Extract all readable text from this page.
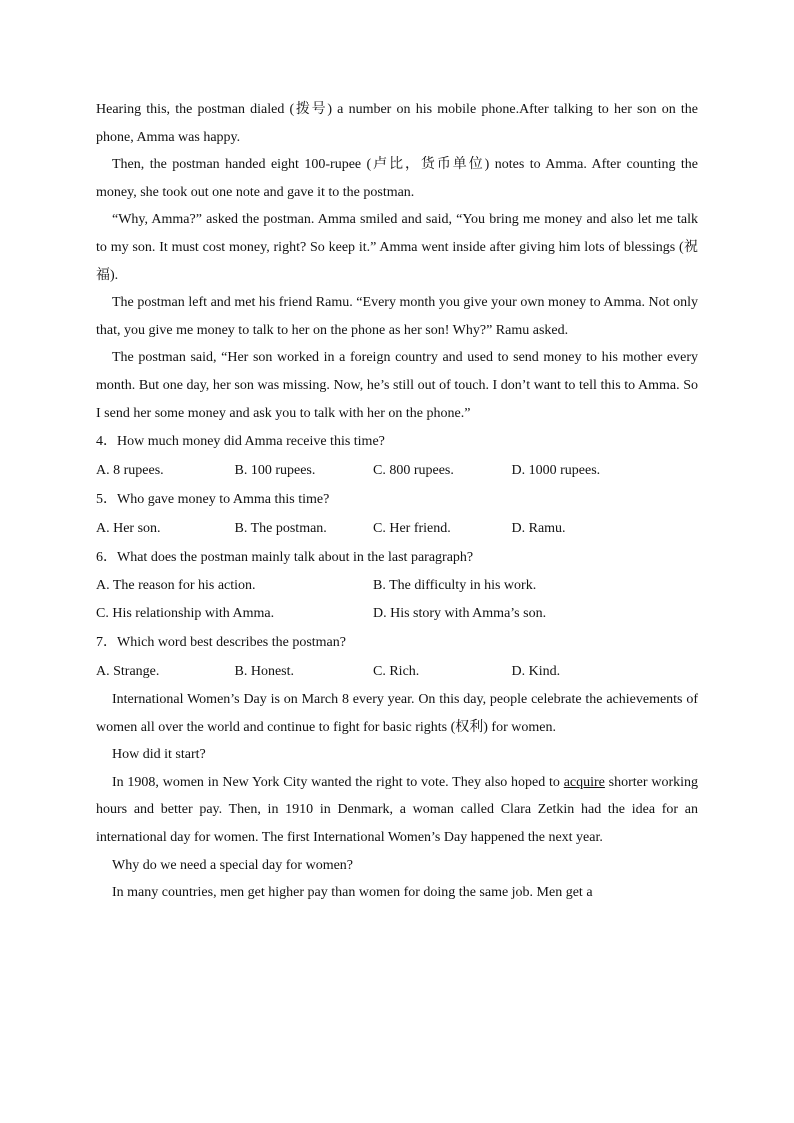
Hearing this, the postman dialed (拨号) a number on his mobile phone.After talking to her son on the phone, Amma was happy.

Then, the postman handed eight 100-rupee (卢比，货币单位) notes to Amma. After counting the money, she took out one note and gave it to the postman.

“Why, Amma?” asked the postman. Amma smiled and said, “You bring me money and also let me talk to my son. It must cost money, right? So keep it.” Amma went inside after giving him lots of blessings (祝福).

The postman left and met his friend Ramu. “Every month you give your own money to Amma. Not only that, you give me money to talk to her on the phone as her son! Why?” Ramu asked.

The postman said, “Her son worked in a foreign country and used to send money to his mother every month. But one day, her son was missing. Now, he’s still out of touch. I don’t want to tell this to Amma. So I send her some money and ask you to talk with her on the phone.”

4．How much money did Amma receive this time?

A. 8 rupees.	B. 100 rupees.	C. 800 rupees.	D. 1000 rupees.

5．Who gave money to Amma this time?

A. Her son.	B. The postman.	C. Her friend.	D. Ramu.

6．What does the postman mainly talk about in the last paragraph?

A. The reason for his action.	B. The difficulty in his work.
C. His relationship with Amma.	D. His story with Amma’s son.

7．Which word best describes the postman?

A. Strange.	B. Honest.	C. Rich.	D. Kind.

International Women’s Day is on March 8 every year. On this day, people celebrate the achievements of women all over the world and continue to fight for basic rights (权利) for women.

How did it start?

In 1908, women in New York City wanted the right to vote. They also hoped to acquire shorter working hours and better pay. Then, in 1910 in Denmark, a woman called Clara Zetkin had the idea for an international day for women. The first International Women’s Day happened the next year.

Why do we need a special day for women?

In many countries, men get higher pay than women for doing the same job. Men get a
